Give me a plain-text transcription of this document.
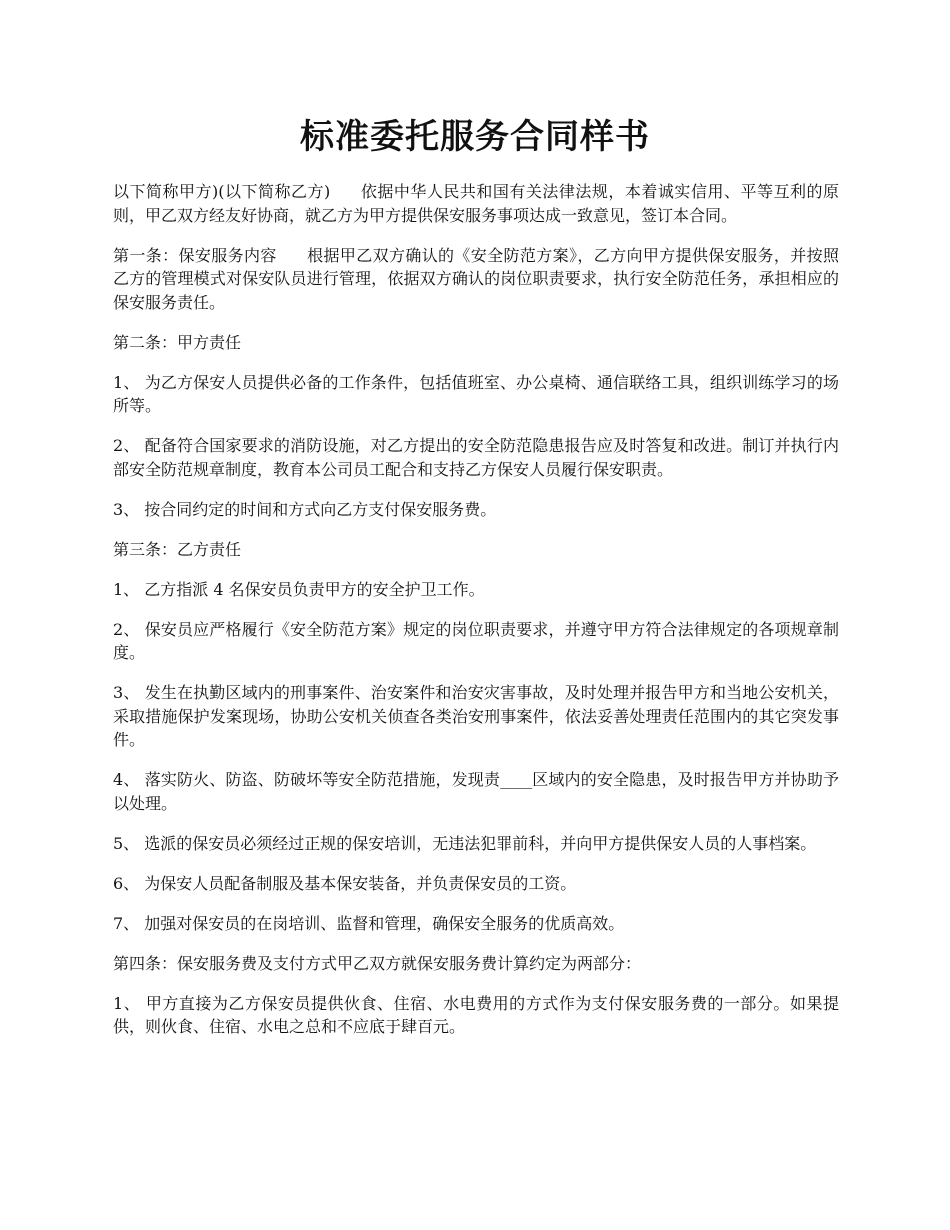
标准委托服务合同样书

以下简称甲方)(以下简称乙方) 依据中华人民共和国有关法律法规，本着诚实信用、平等互利的原则，甲乙双方经友好协商，就乙方为甲方提供保安服务事项达成一致意见，签订本合同。

第一条：保安服务内容 根据甲乙双方确认的《安全防范方案》，乙方向甲方提供保安服务，并按照乙方的管理模式对保安队员进行管理，依据双方确认的岗位职责要求，执行安全防范任务，承担相应的保安服务责任。

第二条：甲方责任

1、 为乙方保安人员提供必备的工作条件，包括值班室、办公桌椅、通信联络工具，组织训练学习的场所等。

2、 配备符合国家要求的消防设施，对乙方提出的安全防范隐患报告应及时答复和改进。制订并执行内部安全防范规章制度，教育本公司员工配合和支持乙方保安人员履行保安职责。

3、 按合同约定的时间和方式向乙方支付保安服务费。

第三条：乙方责任

1、 乙方指派 4 名保安员负责甲方的安全护卫工作。

2、 保安员应严格履行《安全防范方案》规定的岗位职责要求，并遵守甲方符合法律规定的各项规章制度。

3、 发生在执勤区域内的刑事案件、治安案件和治安灾害事故，及时处理并报告甲方和当地公安机关，采取措施保护发案现场，协助公安机关侦查各类治安刑事案件，依法妥善处理责任范围内的其它突发事件。

4、 落实防火、防盗、防破坏等安全防范措施，发现责____区域内的安全隐患，及时报告甲方并协助予以处理。

5、 选派的保安员必须经过正规的保安培训，无违法犯罪前科，并向甲方提供保安人员的人事档案。

6、 为保安人员配备制服及基本保安装备，并负责保安员的工资。

7、 加强对保安员的在岗培训、监督和管理，确保安全服务的优质高效。

第四条：保安服务费及支付方式甲乙双方就保安服务费计算约定为两部分：

1、 甲方直接为乙方保安员提供伙食、住宿、水电费用的方式作为支付保安服务费的一部分。如果提供，则伙食、住宿、水电之总和不应底于肆百元。
